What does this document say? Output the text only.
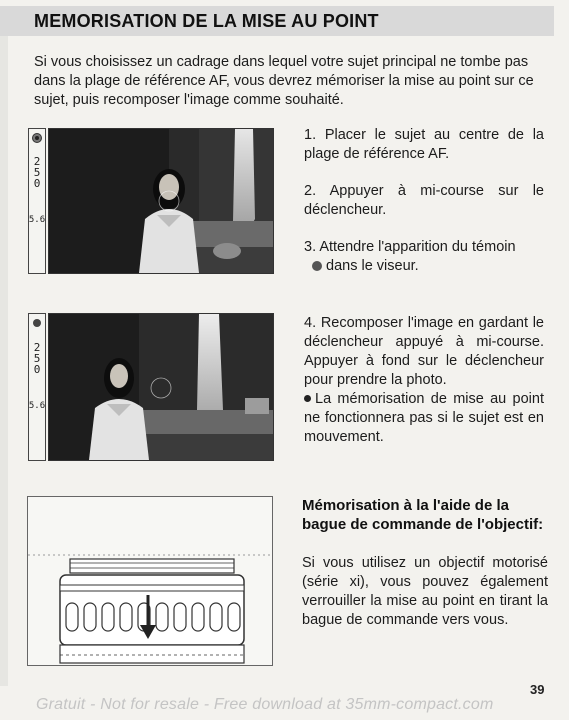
MEMORISATION DE LA MISE AU POINT
Si vous choisissez un cadrage dans lequel votre sujet principal ne tombe pas dans la plage de référence AF, vous devrez mémoriser la mise au point sur ce sujet, puis recomposer l'image comme souhaité.
2
5
0
5.6
2
5
0
5.6
1. Placer le sujet au centre de la plage de référence AF.
2. Appuyer à mi-course sur le déclencheur.
3. Attendre l'apparition du témoin
dans le viseur.
4. Recomposer l'image en gardant le déclencheur appuyé à mi-course. Appuyer à fond sur le déclencheur pour prendre la photo.
La mémorisation de mise au point ne fonctionnera pas si le sujet est en mouvement.
Mémorisation à la l'aide de la bague de commande de l'objectif:
Si vous utilisez un objectif motorisé (série xi), vous pouvez également verrouiller la mise au point en tirant la bague de commande vers vous.
39
Gratuit - Not for resale - Free download at 35mm-compact.com
